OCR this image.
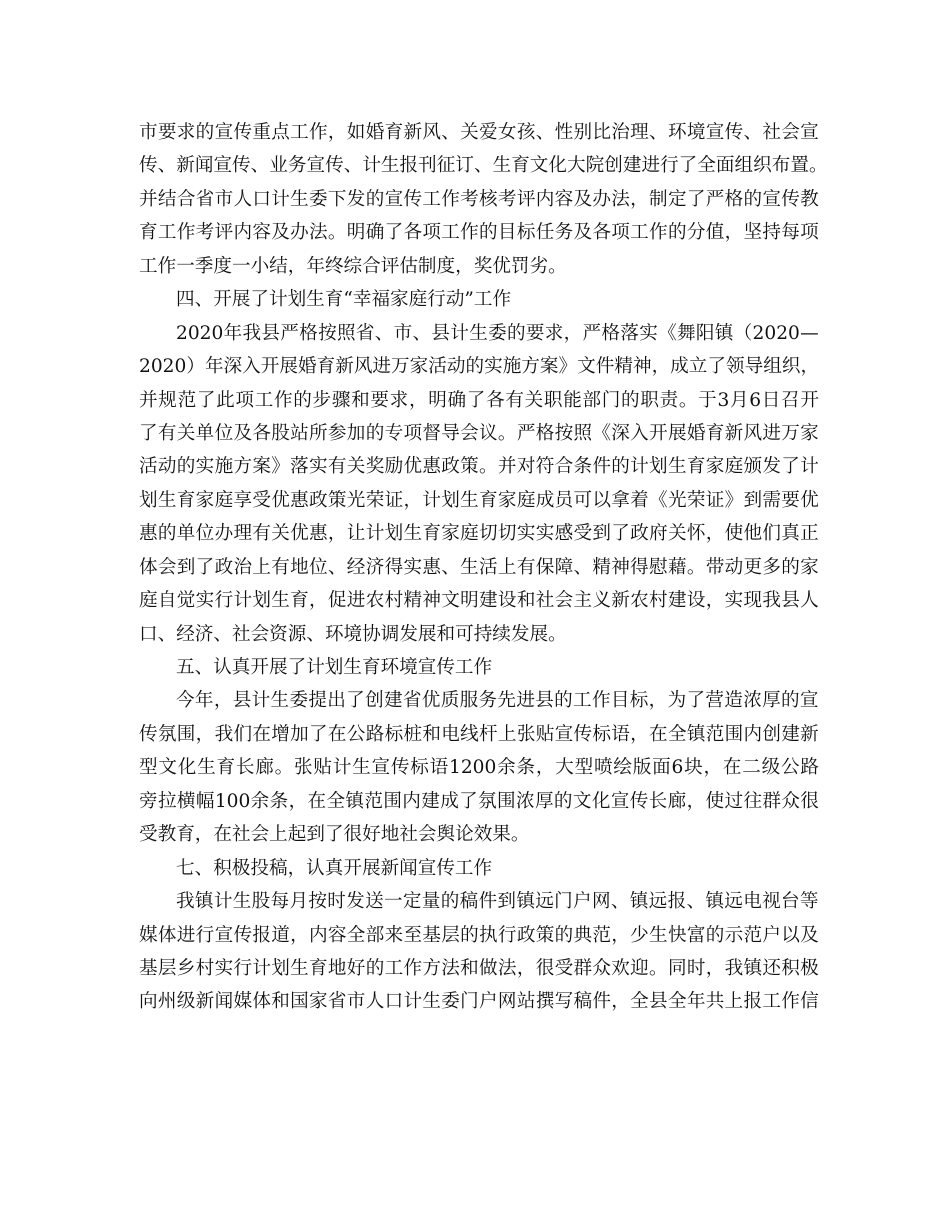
市 要 求 的 宣 传 重 点 工 作 ， 如 婚 育 新 风 、 关 爱 女 孩 、 性 别 比 治 理 、 环 境 宣 传 、 社 会 宣
传 、 新 闻 宣 传 、 业 务 宣 传 、 计 生 报 刊 征 订 、 生 育 文 化 大 院 创 建 进 行 了 全 面 组 织 布 置 。
并 结 合 省 市 人 口 计 生 委 下 发 的 宣 传 工 作 考 核 考 评 内 容 及 办 法 ， 制 定 了 严 格 的 宣 传 教
育 工 作 考 评 内 容 及 办 法 。 明 确 了 各 项 工 作 的 目 标 任 务 及 各 项 工 作 的 分 值 ， 坚 持 每 项
工作一季度一小结，年终综合评估制度，奖优罚劣。
四、开展了计划生育“幸福家庭行动”工作
2020 年 我 县 严 格 按 照 省 、 市 、 县 计 生 委 的 要 求 ， 严 格 落 实 《 舞 阳 镇 （ 2020 —
2020 ） 年 深 入 开 展 婚 育 新 风 进 万 家 活 动 的 实 施 方 案 》 文 件 精 神 ， 成 立 了 领 导 组 织 ，
并 规 范 了 此 项 工 作 的 步 骤 和 要 求 ， 明 确 了 各 有 关 职 能 部 门 的 职 责 。 于 3 月 6 日 召 开
了 有 关 单 位 及 各 股 站 所 参 加 的 专 项 督 导 会 议 。 严 格 按 照 《 深 入 开 展 婚 育 新 风 进 万 家
活 动 的 实 施 方 案 》 落 实 有 关 奖 励 优 惠 政 策 。 并 对 符 合 条 件 的 计 划 生 育 家 庭 颁 发 了 计
划 生 育 家 庭 享 受 优 惠 政 策 光 荣 证 ， 计 划 生 育 家 庭 成 员 可 以 拿 着 《 光 荣 证 》 到 需 要 优
惠 的 单 位 办 理 有 关 优 惠 ， 让 计 划 生 育 家 庭 切 切 实 实 感 受 到 了 政 府 关 怀 ， 使 他 们 真 正
体 会 到 了 政 治 上 有 地 位 、 经 济 得 实 惠 、 生 活 上 有 保 障 、 精 神 得 慰 藉 。 带 动 更 多 的 家
庭 自 觉 实 行 计 划 生 育 ， 促 进 农 村 精 神 文 明 建 设 和 社 会 主 义 新 农 村 建 设 ， 实 现 我 县 人
口、经济、社会资源、环境协调发展和可持续发展。
五、认真开展了计划生育环境宣传工作
今 年 ， 县 计 生 委 提 出 了 创 建 省 优 质 服 务 先 进 县 的 工 作 目 标 ， 为 了 营 造 浓 厚 的 宣
传 氛 围 ， 我 们 在 增 加 了 在 公 路 标 桩 和 电 线 杆 上 张 贴 宣 传 标 语 ， 在 全 镇 范 围 内 创 建 新
型 文 化 生 育 长 廊 。 张 贴 计 生 宣 传 标 语 1200 余 条 ， 大 型 喷 绘 版 面 6 块 ， 在 二 级 公 路
旁 拉 横 幅 100 余 条 ， 在 全 镇 范 围 内 建 成 了 氛 围 浓 厚 的 文 化 宣 传 长 廊 ， 使 过 往 群 众 很
受教育，在社会上起到了很好地社会舆论效果。
七、积极投稿，认真开展新闻宣传工作
我 镇 计 生 股 每 月 按 时 发 送 一 定 量 的 稿 件 到 镇 远 门 户 网 、 镇 远 报 、 镇 远 电 视 台 等
媒 体 进 行 宣 传 报 道 ， 内 容 全 部 来 至 基 层 的 执 行 政 策 的 典 范 ， 少 生 快 富 的 示 范 户 以 及
基 层 乡 村 实 行 计 划 生 育 地 好 的 工 作 方 法 和 做 法 ， 很 受 群 众 欢 迎 。 同 时 ， 我 镇 还 积 极
向 州 级 新 闻 媒 体 和 国 家 省 市 人 口 计 生 委 门 户 网 站 撰 写 稿 件 ， 全 县 全 年 共 上 报 工 作 信
